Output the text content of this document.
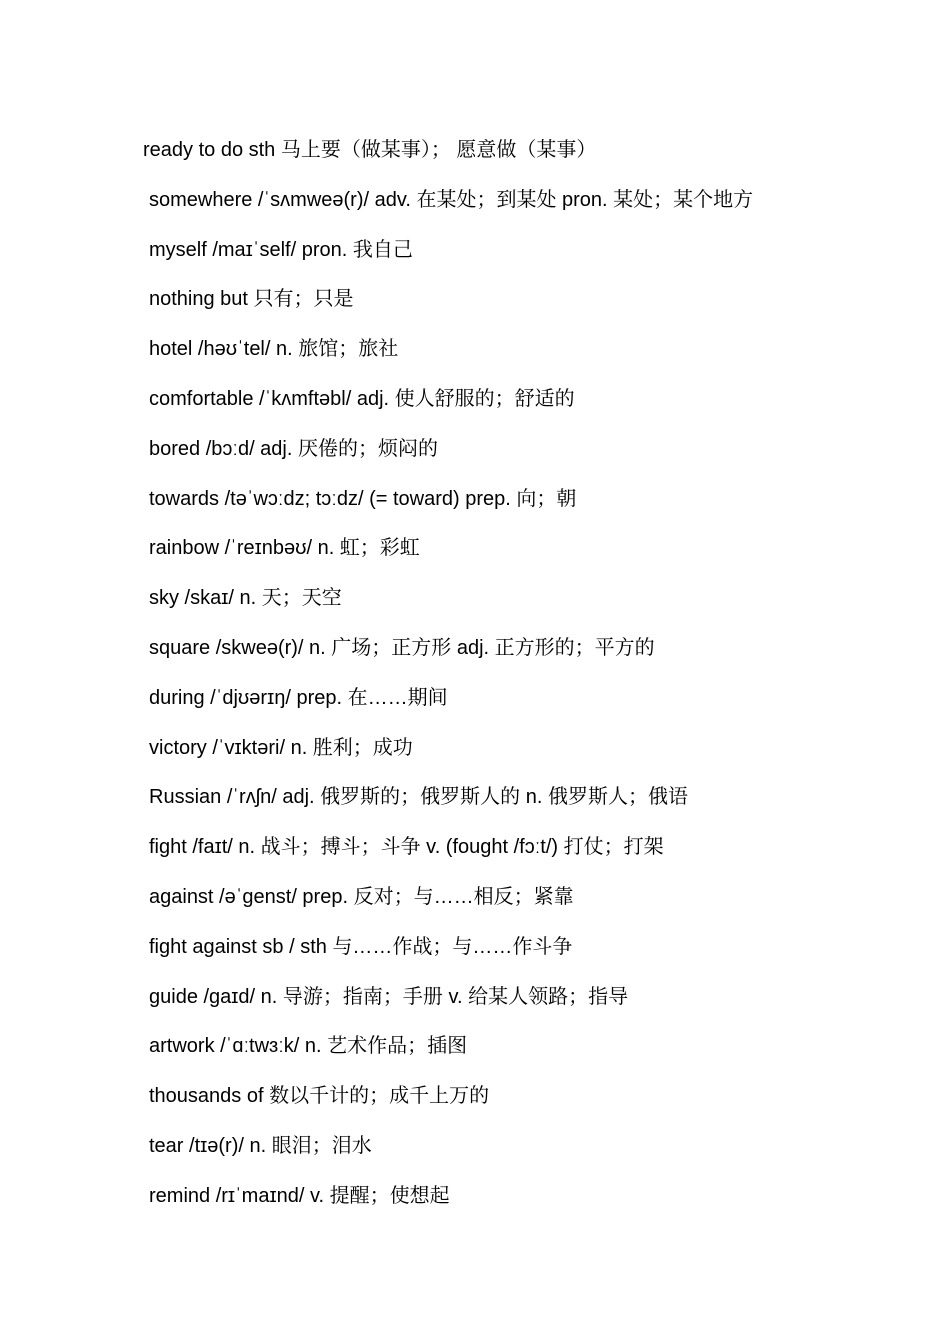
ready to do sth 马上要（做某事）； 愿意做（某事）
somewhere /ˈsʌmweə(r)/ adv. 在某处；到某处 pron. 某处；某个地方
myself /maɪˈself/ pron. 我自己
nothing but 只有；只是
hotel /həʊˈtel/ n. 旅馆；旅社
comfortable /ˈkʌmftəbl/ adj. 使人舒服的；舒适的
bored /bɔːd/ adj. 厌倦的；烦闷的
towards /təˈwɔːdz; tɔːdz/ (= toward) prep. 向；朝
rainbow /ˈreɪnbəʊ/ n. 虹；彩虹
sky /skaɪ/ n. 天；天空
square /skweə(r)/ n. 广场；正方形 adj. 正方形的；平方的
during /ˈdjʊərɪŋ/ prep. 在……期间
victory /ˈvɪktəri/ n. 胜利；成功
Russian /ˈrʌʃn/ adj. 俄罗斯的；俄罗斯人的 n. 俄罗斯人；俄语
fight /faɪt/ n. 战斗；搏斗；斗争 v. (fought /fɔːt/) 打仗；打架
against /əˈgenst/ prep. 反对；与……相反；紧靠
fight against sb / sth 与……作战；与……作斗争
guide /gaɪd/ n. 导游；指南；手册 v. 给某人领路；指导
artwork /ˈɑːtwɜːk/ n. 艺术作品；插图
thousands of 数以千计的；成千上万的
tear /tɪə(r)/ n. 眼泪；泪水
remind /rɪˈmaɪnd/ v. 提醒；使想起
